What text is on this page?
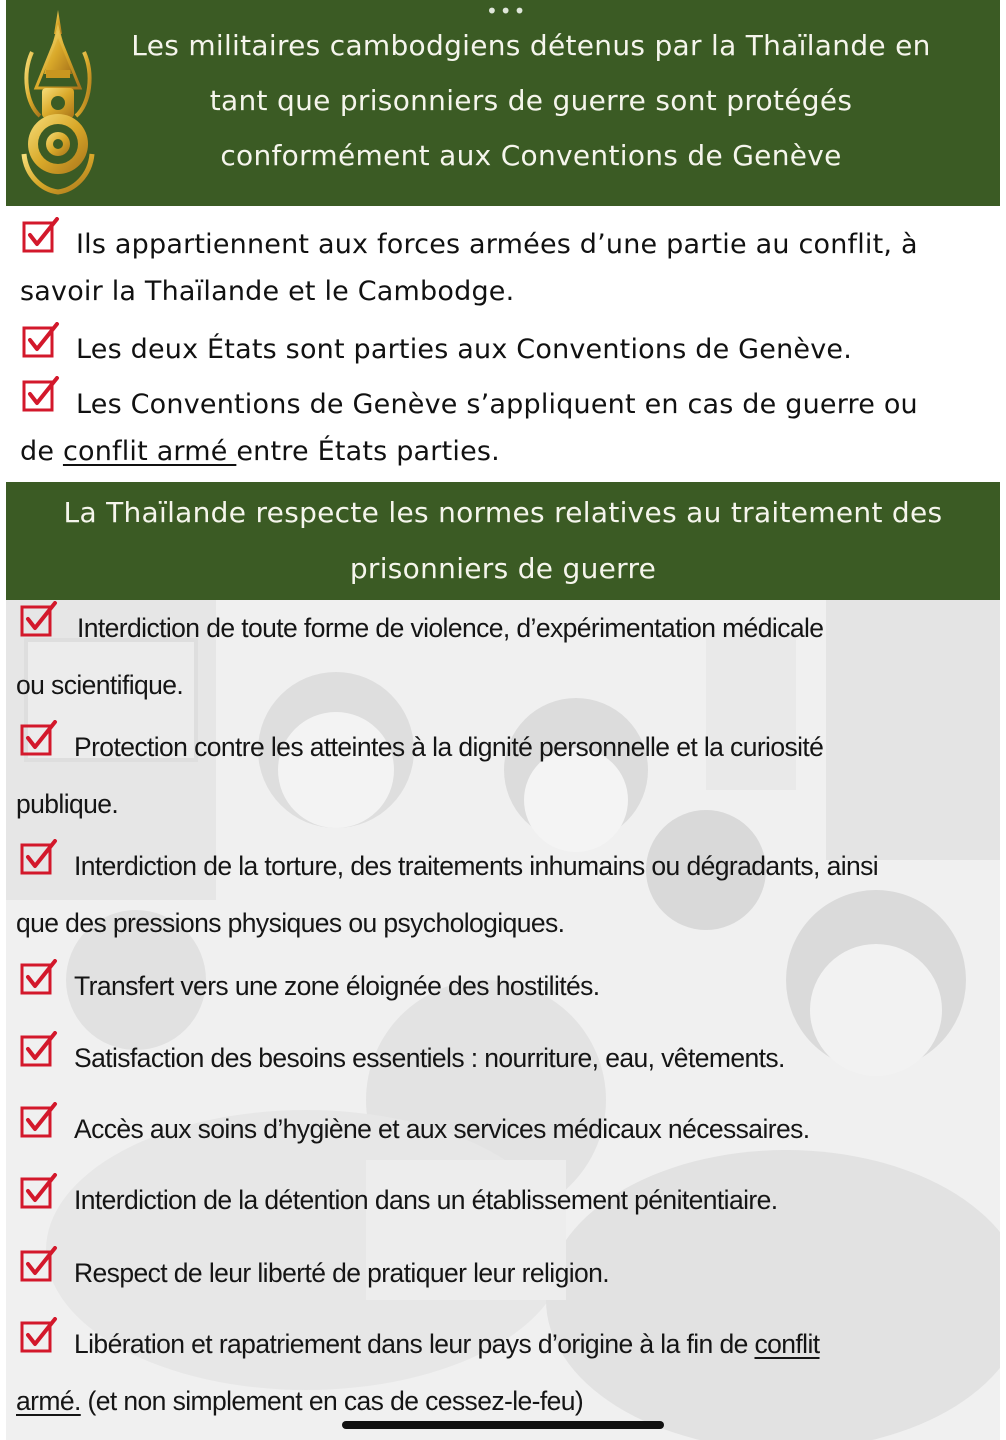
•••
Les militaires cambodgiens détenus par la Thaïlande en
tant que prisonniers de guerre sont protégés
conformément aux Conventions de Genève
Ils appartiennent aux forces armées d’une partie au conflit, à
savoir la Thaïlande et le Cambodge.
Les deux États sont parties aux Conventions de Genève.
Les Conventions de Genève s’appliquent en cas de guerre ou
de conflit armé entre États parties.
La Thaïlande respecte les normes relatives au traitement des
prisonniers de guerre
Interdiction de toute forme de violence, d’expérimentation médicale
ou scientifique.
Protection contre les atteintes à la dignité personnelle et la curiosité
publique.
Interdiction de la torture, des traitements inhumains ou dégradants, ainsi
que des pressions physiques ou psychologiques.
Transfert vers une zone éloignée des hostilités.
Satisfaction des besoins essentiels : nourriture, eau, vêtements.
Accès aux soins d’hygiène et aux services médicaux nécessaires.
Interdiction de la détention dans un établissement pénitentiaire.
Respect de leur liberté de pratiquer leur religion.
Libération et rapatriement dans leur pays d’origine à la fin de conflit
armé. (et non simplement en cas de cessez-le-feu)
